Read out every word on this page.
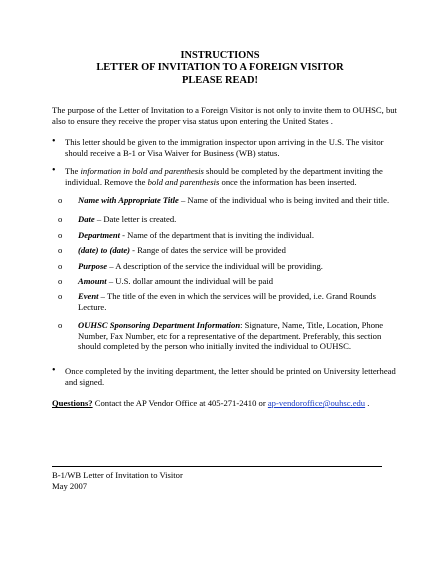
INSTRUCTIONS
LETTER OF INVITATION TO A FOREIGN VISITOR
PLEASE READ!
The purpose of the Letter of Invitation to a Foreign Visitor is not only to invite them to OUHSC, but also to ensure they receive the proper visa status upon entering the United States .
• This letter should be given to the immigration inspector upon arriving in the U.S. The visitor should receive a B-1 or Visa Waiver for Business (WB) status.
• The information in bold and parenthesis should be completed by the department inviting the individual. Remove the bold and parenthesis once the information has been inserted.
o Name with Appropriate Title – Name of the individual who is being invited and their title.
o Date – Date letter is created.
o Department - Name of the department that is inviting the individual.
o (date) to (date) - Range of dates the service will be provided
o Purpose – A description of the service the individual will be providing.
o Amount – U.S. dollar amount the individual will be paid
o Event – The title of the even in which the services will be provided, i.e. Grand Rounds Lecture.
o OUHSC Sponsoring Department Information: Signature, Name, Title, Location, Phone Number, Fax Number, etc for a representative of the department. Preferably, this section should completed by the person who initially invited the individual to OUHSC.
• Once completed by the inviting department, the letter should be printed on University letterhead and signed.
Questions? Contact the AP Vendor Office at 405-271-2410 or ap-vendoroffice@ouhsc.edu .
B-1/WB Letter of Invitation to Visitor
May 2007
